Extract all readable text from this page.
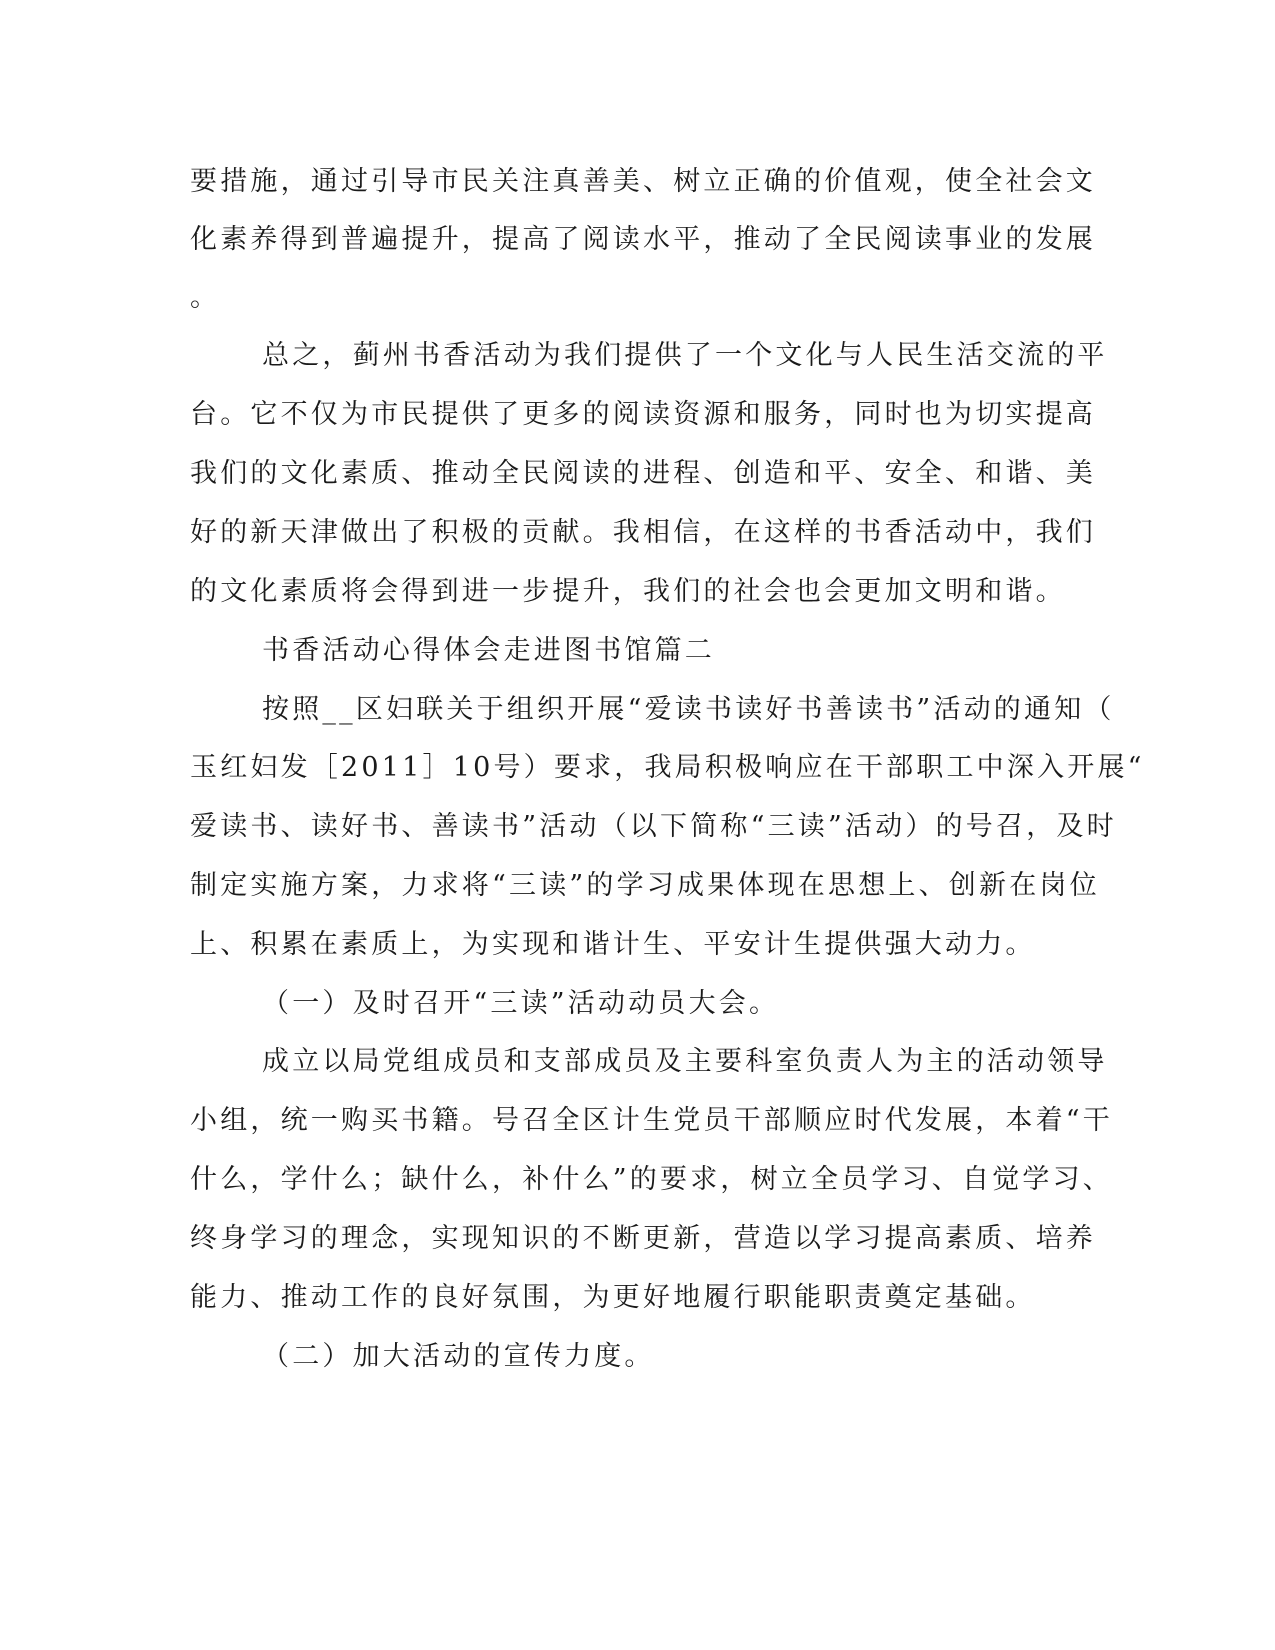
要措施，通过引导市民关注真善美、树立正确的价值观，使全社会文
化素养得到普遍提升，提高了阅读水平，推动了全民阅读事业的发展
。
总之，蓟州书香活动为我们提供了一个文化与人民生活交流的平
台。它不仅为市民提供了更多的阅读资源和服务，同时也为切实提高
我们的文化素质、推动全民阅读的进程、创造和平、安全、和谐、美
好的新天津做出了积极的贡献。我相信，在这样的书香活动中，我们
的文化素质将会得到进一步提升，我们的社会也会更加文明和谐。
书香活动心得体会走进图书馆篇二
按照__区妇联关于组织开展“爱读书读好书善读书”活动的通知（
玉红妇发［2011］10号）要求，我局积极响应在干部职工中深入开展“
爱读书、读好书、善读书”活动（以下简称“三读”活动）的号召，及时
制定实施方案，力求将“三读”的学习成果体现在思想上、创新在岗位
上、积累在素质上，为实现和谐计生、平安计生提供强大动力。
（一）及时召开“三读”活动动员大会。
成立以局党组成员和支部成员及主要科室负责人为主的活动领导
小组，统一购买书籍。号召全区计生党员干部顺应时代发展，本着“干
什么，学什么；缺什么，补什么”的要求，树立全员学习、自觉学习、
终身学习的理念，实现知识的不断更新，营造以学习提高素质、培养
能力、推动工作的良好氛围，为更好地履行职能职责奠定基础。
（二）加大活动的宣传力度。
